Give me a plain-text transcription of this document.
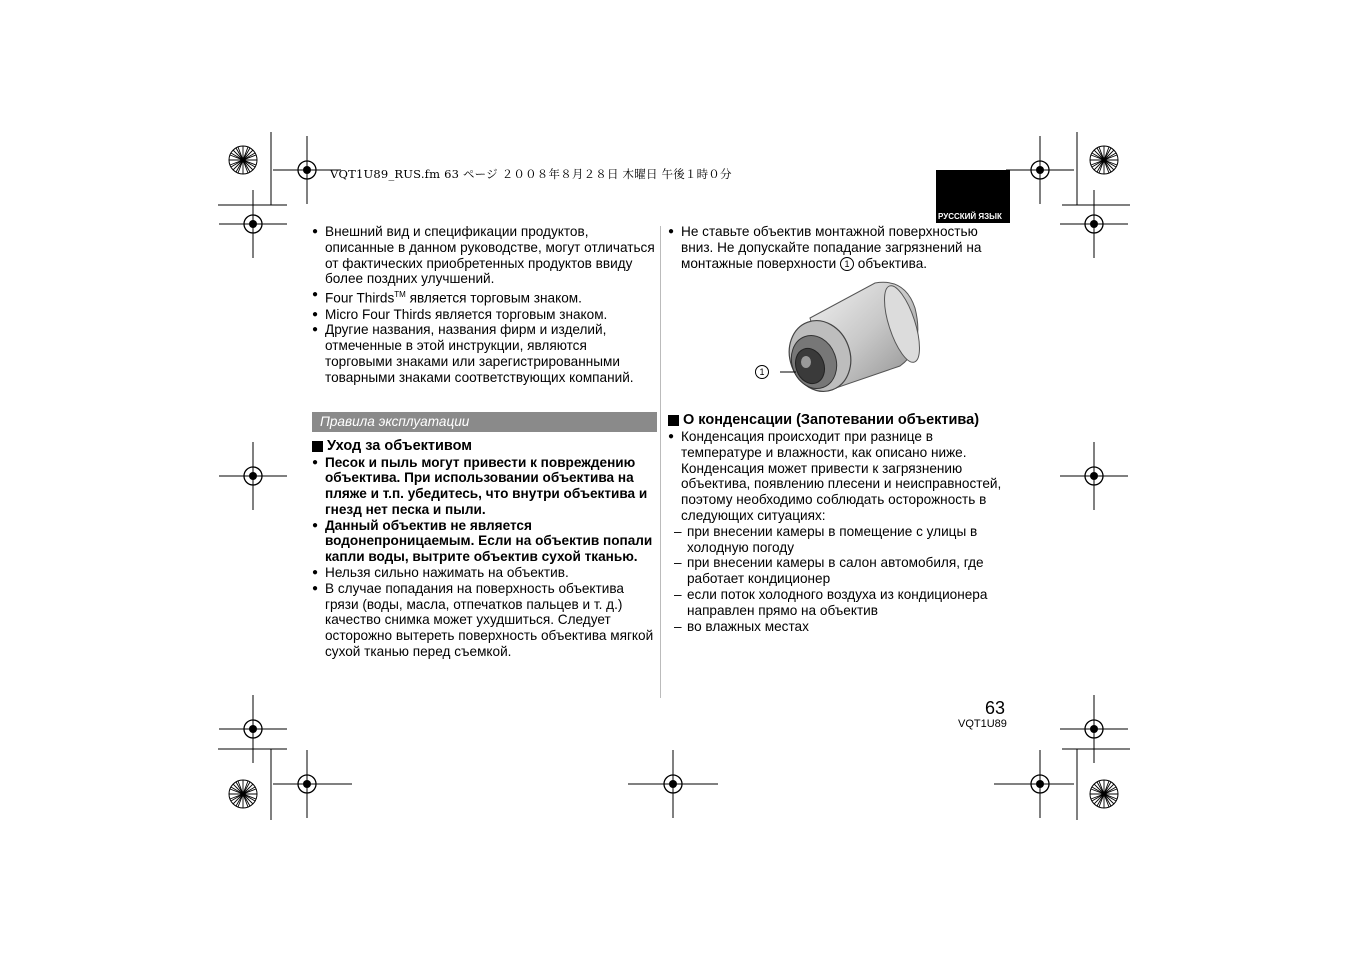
VQT1U89_RUS.fm 63 ページ ２００８年８月２８日 木曜日 午後１時０分
РУССКИЙ ЯЗЫК
● Внешний вид и спецификации продуктов, описанные в данном руководстве, могут отличаться от фактических приобретенных продуктов ввиду более поздних улучшений.
● Four Thirds™ является торговым знаком.
● Micro Four Thirds является торговым знаком.
● Другие названия, названия фирм и изделий, отмеченные в этой инструкции, являются торговыми знаками или зарегистрированными товарными знаками соответствующих компаний.
Правила эксплуатации
Уход за объективом
● Песок и пыль могут привести к повреждению объектива. При использовании объектива на пляже и т.п. убедитесь, что внутри объектива и гнезд нет песка и пыли.
● Данный объектив не является водонепроницаемым. Если на объектив попали капли воды, вытрите объектив сухой тканью.
● Нельзя сильно нажимать на объектив.
● В случае попадания на поверхность объектива грязи (воды, масла, отпечатков пальцев и т. д.) качество снимка может ухудшиться. Следует осторожно вытереть поверхность объектива мягкой сухой тканью перед съемкой.
● Не ставьте объектив монтажной поверхностью вниз. Не допускайте попадание загрязнений на монтажные поверхности 1 объектива.
1
О конденсации (Запотевании объектива)
● Конденсация происходит при разнице в температуре и влажности, как описано ниже. Конденсация может привести к загрязнению объектива, появлению плесени и неисправностей, поэтому необходимо соблюдать осторожность в следующих ситуациях:
– при внесении камеры в помещение с улицы в холодную погоду
– при внесении камеры в салон автомобиля, где работает кондиционер
– если поток холодного воздуха из кондиционера направлен прямо на объектив
– во влажных местах
63
VQT1U89
